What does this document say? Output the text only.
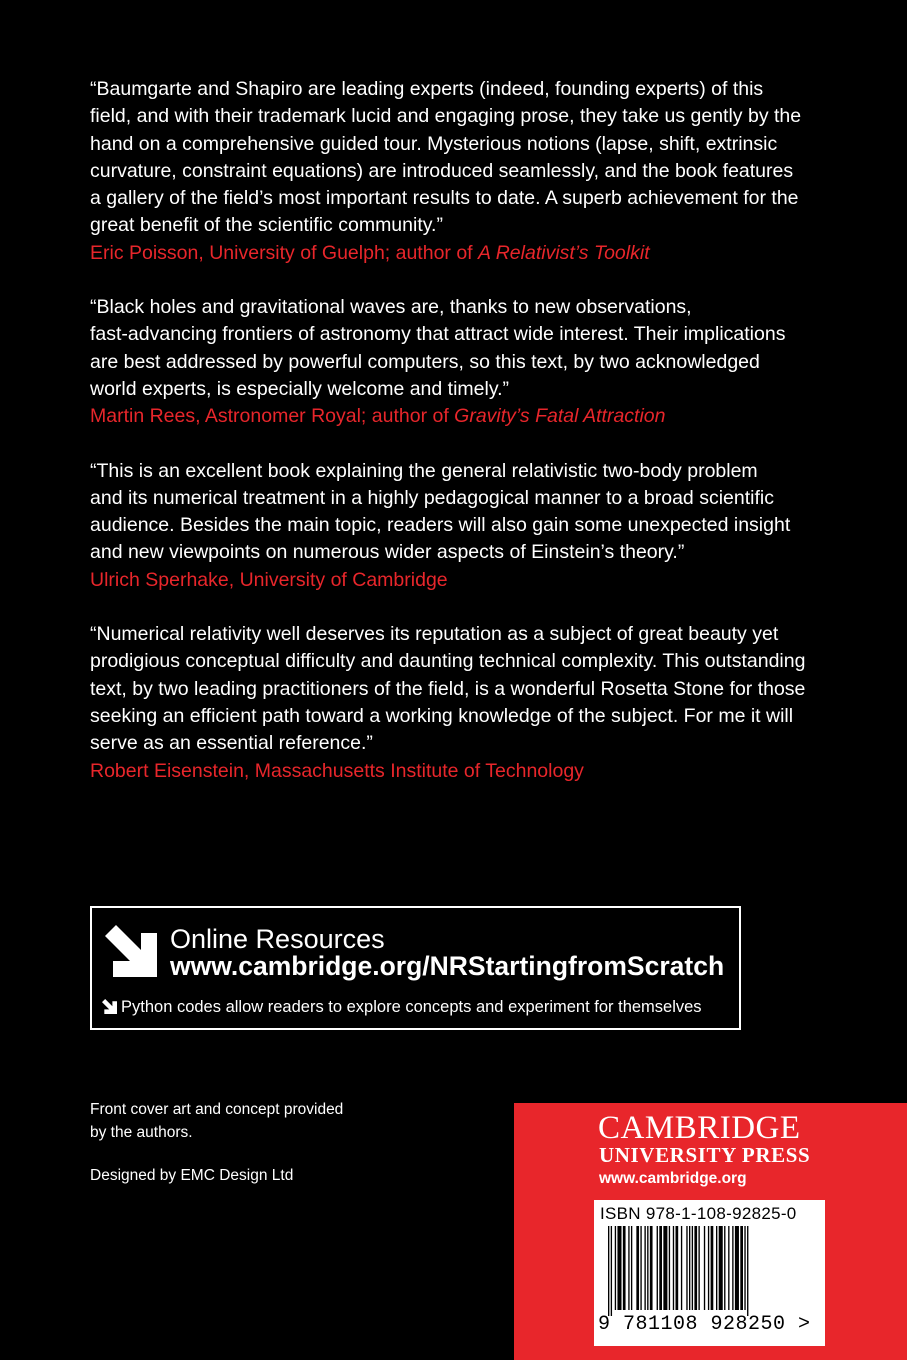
“Baumgarte and Shapiro are leading experts (indeed, founding experts) of this
field, and with their trademark lucid and engaging prose, they take us gently by the
hand on a comprehensive guided tour. Mysterious notions (lapse, shift, extrinsic
curvature, constraint equations) are introduced seamlessly, and the book features
a gallery of the field’s most important results to date. A superb achievement for the
great benefit of the scientific community.”
Eric Poisson, University of Guelph; author of A Relativist’s Toolkit
“Black holes and gravitational waves are, thanks to new observations,
fast-advancing frontiers of astronomy that attract wide interest. Their implications
are best addressed by powerful computers, so this text, by two acknowledged
world experts, is especially welcome and timely.”
Martin Rees, Astronomer Royal; author of Gravity’s Fatal Attraction
“This is an excellent book explaining the general relativistic two-body problem
and its numerical treatment in a highly pedagogical manner to a broad scientific
audience. Besides the main topic, readers will also gain some unexpected insight
and new viewpoints on numerous wider aspects of Einstein’s theory.”
Ulrich Sperhake, University of Cambridge
“Numerical relativity well deserves its reputation as a subject of great beauty yet
prodigious conceptual difficulty and daunting technical complexity. This outstanding
text, by two leading practitioners of the field, is a wonderful Rosetta Stone for those
seeking an efficient path toward a working knowledge of the subject. For me it will
serve as an essential reference.”
Robert Eisenstein, Massachusetts Institute of Technology
Online Resources
www.cambridge.org/NRStartingfromScratch
Python codes allow readers to explore concepts and experiment for themselves
Front cover art and concept provided
by the authors.
Designed by EMC Design Ltd
CAMBRIDGE
UNIVERSITY PRESS
www.cambridge.org
ISBN 978-1-108-92825-0
9 781108 928250 >
